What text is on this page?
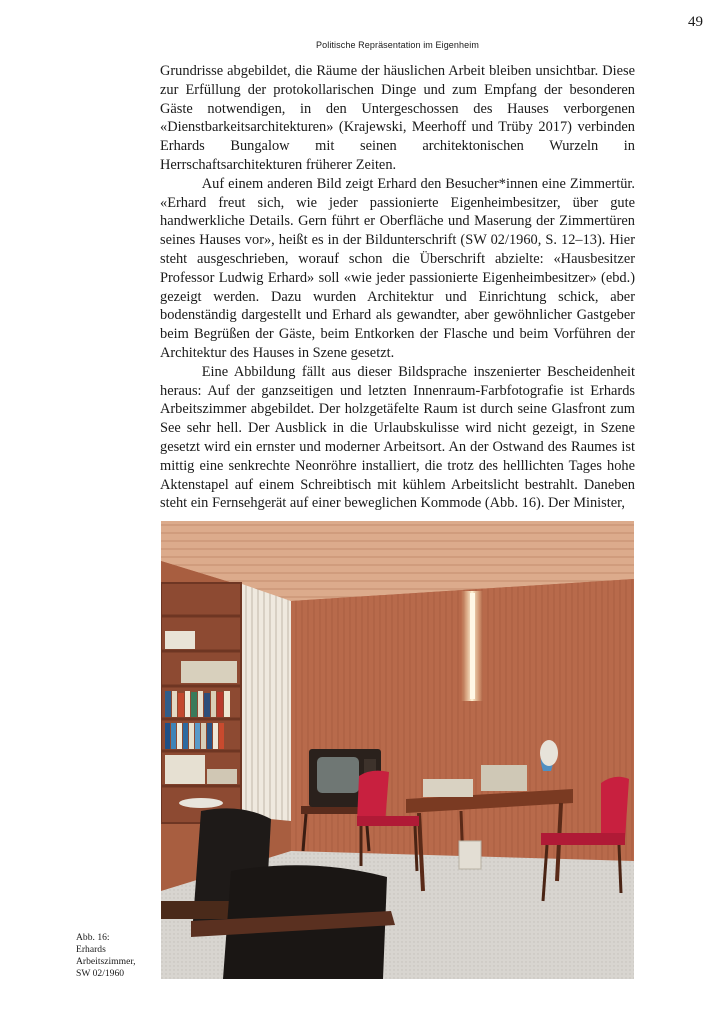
49
Politische Repräsentation im Eigenheim

Grundrisse abgebildet, die Räume der häuslichen Arbeit bleiben unsichtbar. Diese zur Erfüllung der protokollarischen Dinge und zum Empfang der besonderen Gäste notwendigen, in den Untergeschossen des Hauses verborgenen «Dienstbarkeitsarchitekturen» (Krajewski, Meerhoff und Trüby 2017) verbinden Erhards Bungalow mit seinen architektonischen Wurzeln in Herrschaftsarchitekturen früherer Zeiten.

Auf einem anderen Bild zeigt Erhard den Besucher*innen eine Zimmertür. «Erhard freut sich, wie jeder passionierte Eigenheimbesitzer, über gute handwerkliche Details. Gern führt er Oberfläche und Maserung der Zimmertüren seines Hauses vor», heißt es in der Bildunterschrift (SW 02/1960, S. 12–13). Hier steht ausgeschrieben, worauf schon die Überschrift abzielte: «Hausbesitzer Professor Ludwig Erhard» soll «wie jeder passionierte Eigenheimbesitzer» (ebd.) gezeigt werden. Dazu wurden Architektur und Einrichtung schick, aber bodenständig dargestellt und Erhard als gewandter, aber gewöhnlicher Gastgeber beim Begrüßen der Gäste, beim Entkorken der Flasche und beim Vorführen der Architektur des Hauses in Szene gesetzt.

Eine Abbildung fällt aus dieser Bildsprache inszenierter Bescheidenheit heraus: Auf der ganzseitigen und letzten Innenraum-Farbfotografie ist Erhards Arbeitszimmer abgebildet. Der holzgetäfelte Raum ist durch seine Glasfront zum See sehr hell. Der Ausblick in die Urlaubskulisse wird nicht gezeigt, in Szene gesetzt wird ein ernster und moderner Arbeitsort. An der Ostwand des Raumes ist mittig eine senkrechte Neonröhre installiert, die trotz des helllichten Tages hohe Aktenstapel auf einem Schreibtisch mit kühlem Arbeitslicht bestrahlt. Daneben steht ein Fernsehgerät auf einer beweglichen Kommode (Abb. 16). Der Minister,

Abb. 16:
Erhards
Arbeitszimmer,
SW 02/1960
